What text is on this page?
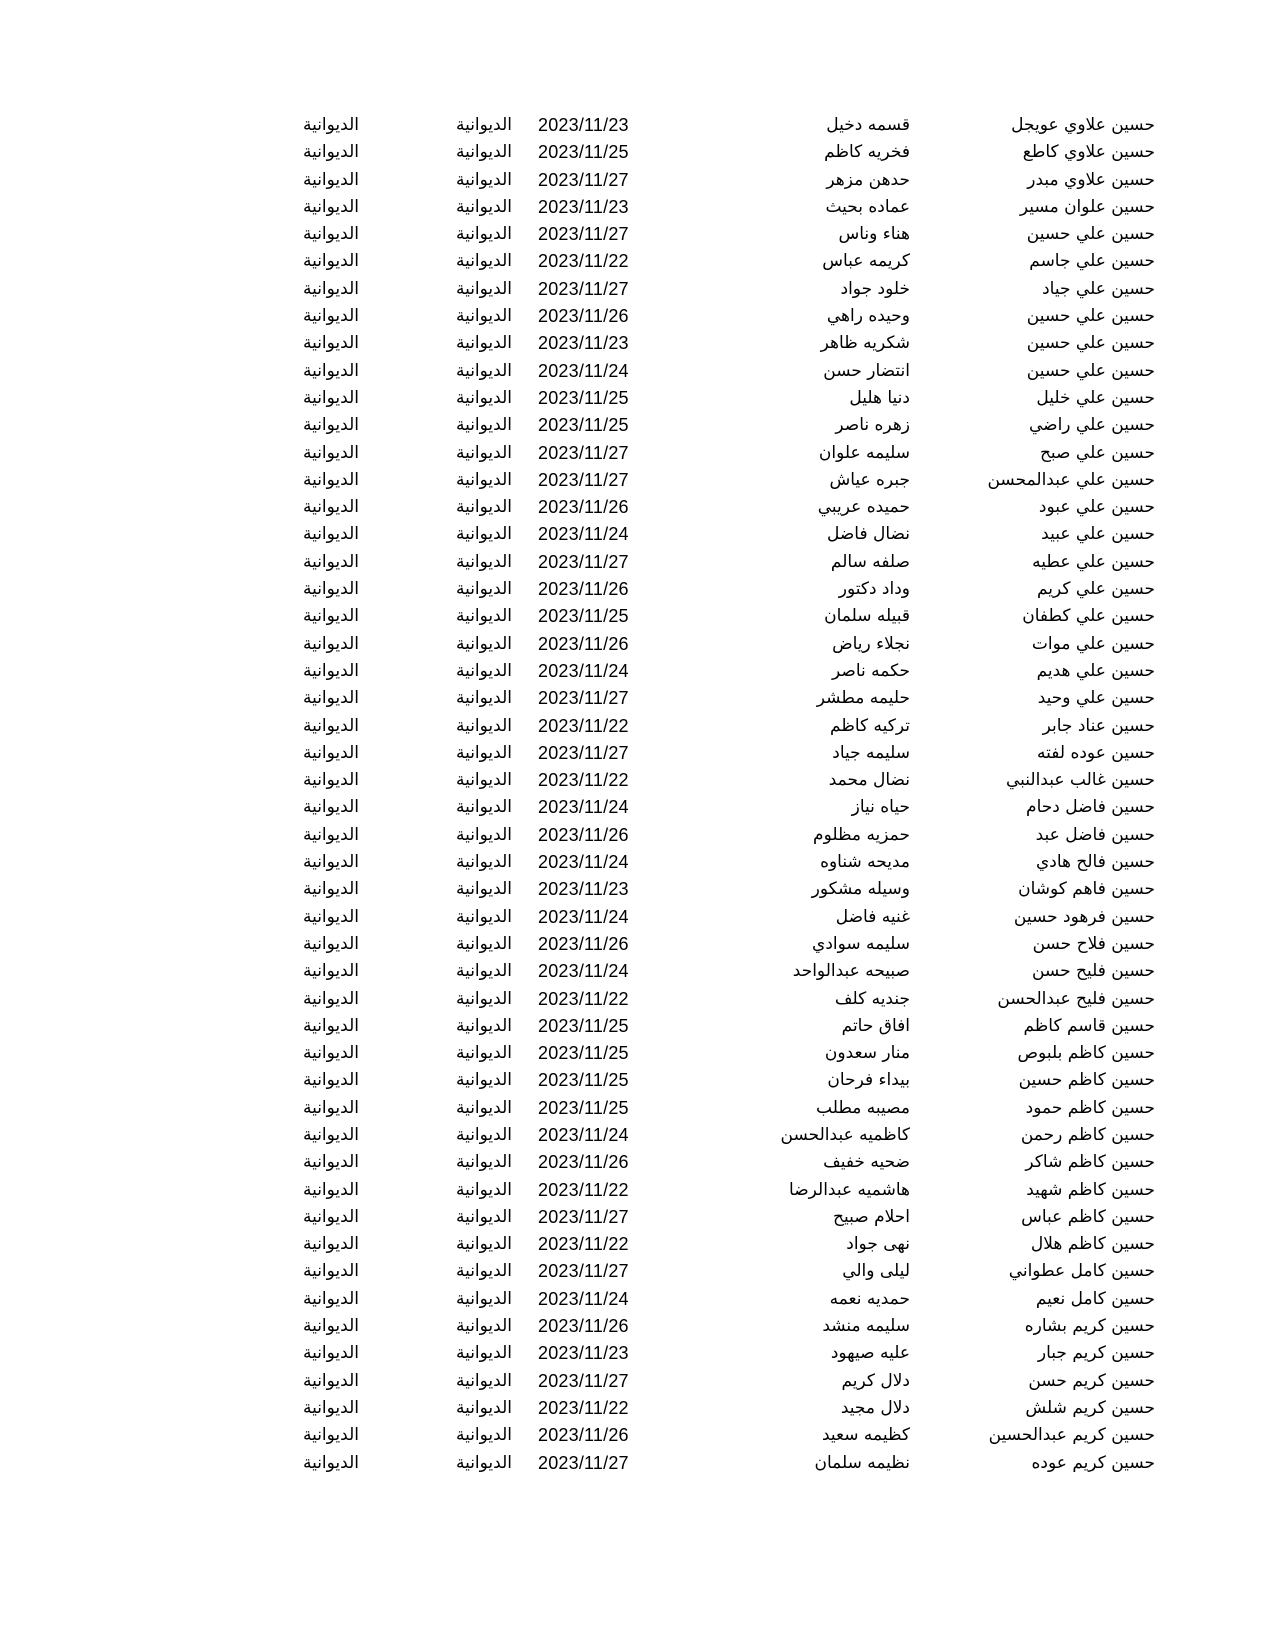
حسين علاوي عويجل
قسمه دخيل
2023/11/23
الديوانية
الديوانية
حسين علاوي كاطع
فخريه كاظم
2023/11/25
الديوانية
الديوانية
حسين علاوي مبدر
حدهن مزهر
2023/11/27
الديوانية
الديوانية
حسين علوان مسير
عماده بحيث
2023/11/23
الديوانية
الديوانية
حسين علي حسين
هناء وناس
2023/11/27
الديوانية
الديوانية
حسين علي جاسم
كريمه عباس
2023/11/22
الديوانية
الديوانية
حسين علي جياد
خلود جواد
2023/11/27
الديوانية
الديوانية
حسين علي حسين
وحيده راهي
2023/11/26
الديوانية
الديوانية
حسين علي حسين
شكريه ظاهر
2023/11/23
الديوانية
الديوانية
حسين علي حسين
انتضار حسن
2023/11/24
الديوانية
الديوانية
حسين علي خليل
دنيا هليل
2023/11/25
الديوانية
الديوانية
حسين علي راضي
زهره ناصر
2023/11/25
الديوانية
الديوانية
حسين علي صبح
سليمه علوان
2023/11/27
الديوانية
الديوانية
حسين علي عبدالمحسن
جبره عياش
2023/11/27
الديوانية
الديوانية
حسين علي عبود
حميده عريبي
2023/11/26
الديوانية
الديوانية
حسين علي عبيد
نضال فاضل
2023/11/24
الديوانية
الديوانية
حسين علي عطيه
صلفه سالم
2023/11/27
الديوانية
الديوانية
حسين علي كريم
وداد دكتور
2023/11/26
الديوانية
الديوانية
حسين علي كطفان
قبيله سلمان
2023/11/25
الديوانية
الديوانية
حسين علي موات
نجلاء رياض
2023/11/26
الديوانية
الديوانية
حسين علي هديم
حكمه ناصر
2023/11/24
الديوانية
الديوانية
حسين علي وحيد
حليمه مطشر
2023/11/27
الديوانية
الديوانية
حسين عناد جابر
تركيه كاظم
2023/11/22
الديوانية
الديوانية
حسين عوده لفته
سليمه جياد
2023/11/27
الديوانية
الديوانية
حسين غالب عبدالنبي
نضال محمد
2023/11/22
الديوانية
الديوانية
حسين فاضل دحام
حياه نياز
2023/11/24
الديوانية
الديوانية
حسين فاضل عبد
حمزيه مظلوم
2023/11/26
الديوانية
الديوانية
حسين فالح هادي
مديحه شناوه
2023/11/24
الديوانية
الديوانية
حسين فاهم كوشان
وسيله مشكور
2023/11/23
الديوانية
الديوانية
حسين فرهود حسين
غنيه فاضل
2023/11/24
الديوانية
الديوانية
حسين فلاح حسن
سليمه سوادي
2023/11/26
الديوانية
الديوانية
حسين فليح حسن
صبيحه عبدالواحد
2023/11/24
الديوانية
الديوانية
حسين فليح عبدالحسن
جنديه كلف
2023/11/22
الديوانية
الديوانية
حسين قاسم كاظم
افاق حاتم
2023/11/25
الديوانية
الديوانية
حسين كاظم بلبوص
منار سعدون
2023/11/25
الديوانية
الديوانية
حسين كاظم حسين
بيداء فرحان
2023/11/25
الديوانية
الديوانية
حسين كاظم حمود
مصيبه مطلب
2023/11/25
الديوانية
الديوانية
حسين كاظم رحمن
كاظميه عبدالحسن
2023/11/24
الديوانية
الديوانية
حسين كاظم شاكر
ضحيه خفيف
2023/11/26
الديوانية
الديوانية
حسين كاظم شهيد
هاشميه عبدالرضا
2023/11/22
الديوانية
الديوانية
حسين كاظم عباس
احلام صبيح
2023/11/27
الديوانية
الديوانية
حسين كاظم هلال
نهى جواد
2023/11/22
الديوانية
الديوانية
حسين كامل عطواني
ليلى والي
2023/11/27
الديوانية
الديوانية
حسين كامل نعيم
حمديه نعمه
2023/11/24
الديوانية
الديوانية
حسين كريم بشاره
سليمه منشد
2023/11/26
الديوانية
الديوانية
حسين كريم جبار
عليه صيهود
2023/11/23
الديوانية
الديوانية
حسين كريم حسن
دلال كريم
2023/11/27
الديوانية
الديوانية
حسين كريم شلش
دلال مجيد
2023/11/22
الديوانية
الديوانية
حسين كريم عبدالحسين
كظيمه سعيد
2023/11/26
الديوانية
الديوانية
حسين كريم عوده
نظيمه سلمان
2023/11/27
الديوانية
الديوانية
